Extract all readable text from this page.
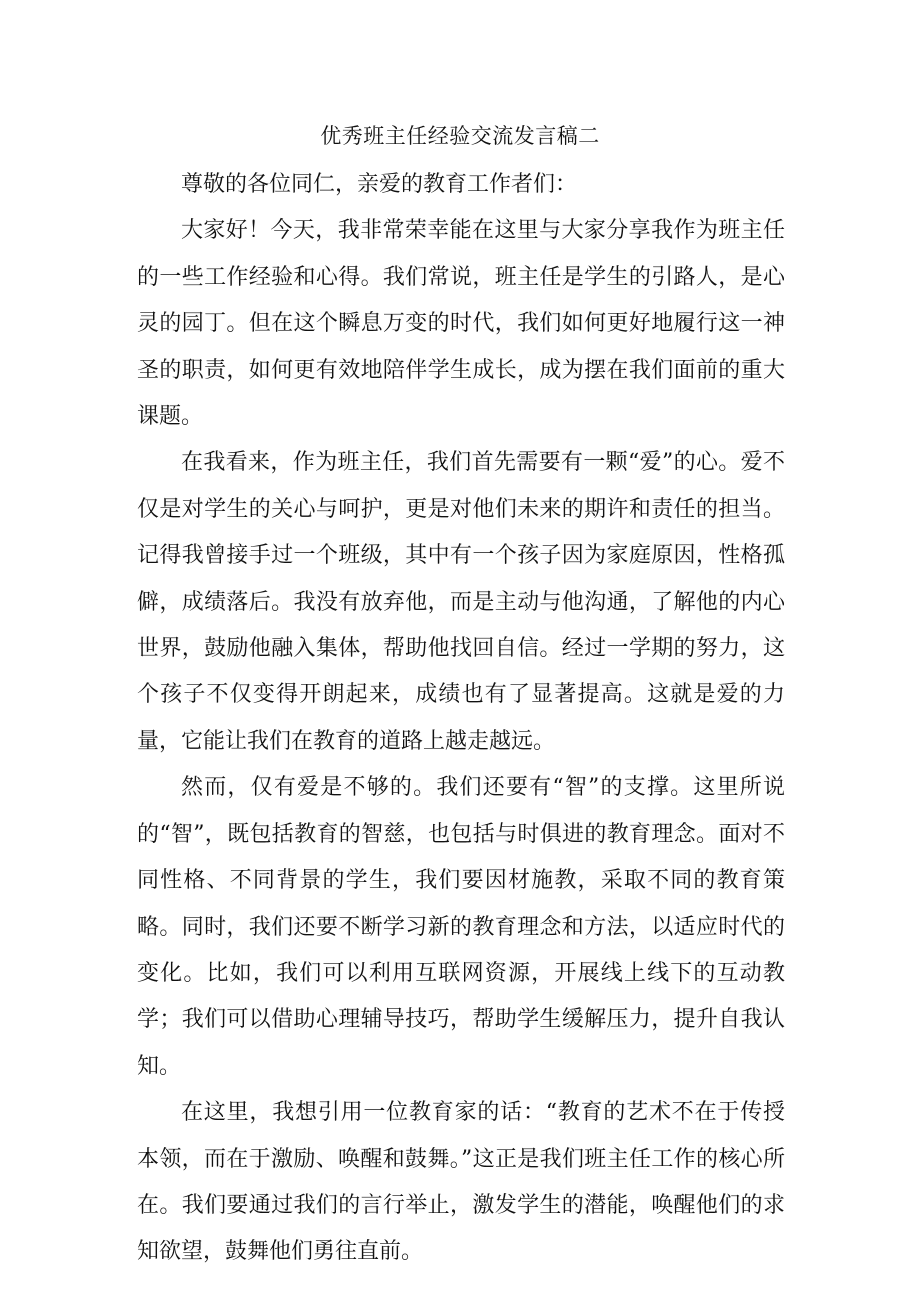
优秀班主任经验交流发言稿二

尊敬的各位同仁，亲爱的教育工作者们：

大家好！今天，我非常荣幸能在这里与大家分享我作为班主任的一些工作经验和心得。我们常说，班主任是学生的引路人，是心灵的园丁。但在这个瞬息万变的时代，我们如何更好地履行这一神圣的职责，如何更有效地陪伴学生成长，成为摆在我们面前的重大课题。

在我看来，作为班主任，我们首先需要有一颗“爱”的心。爱不仅是对学生的关心与呵护，更是对他们未来的期许和责任的担当。记得我曾接手过一个班级，其中有一个孩子因为家庭原因，性格孤僻，成绩落后。我没有放弃他，而是主动与他沟通，了解他的内心世界，鼓励他融入集体，帮助他找回自信。经过一学期的努力，这个孩子不仅变得开朗起来，成绩也有了显著提高。这就是爱的力量，它能让我们在教育的道路上越走越远。

然而，仅有爱是不够的。我们还要有“智”的支撑。这里所说的“智”，既包括教育的智慈，也包括与时俱进的教育理念。面对不同性格、不同背景的学生，我们要因材施教，采取不同的教育策略。同时，我们还要不断学习新的教育理念和方法，以适应时代的变化。比如，我们可以利用互联网资源，开展线上线下的互动教学；我们可以借助心理辅导技巧，帮助学生缓解压力，提升自我认知。

在这里，我想引用一位教育家的话：“教育的艺术不在于传授本领，而在于激励、唤醒和鼓舞。”这正是我们班主任工作的核心所在。我们要通过我们的言行举止，激发学生的潜能，唤醒他们的求知欲望，鼓舞他们勇往直前。
